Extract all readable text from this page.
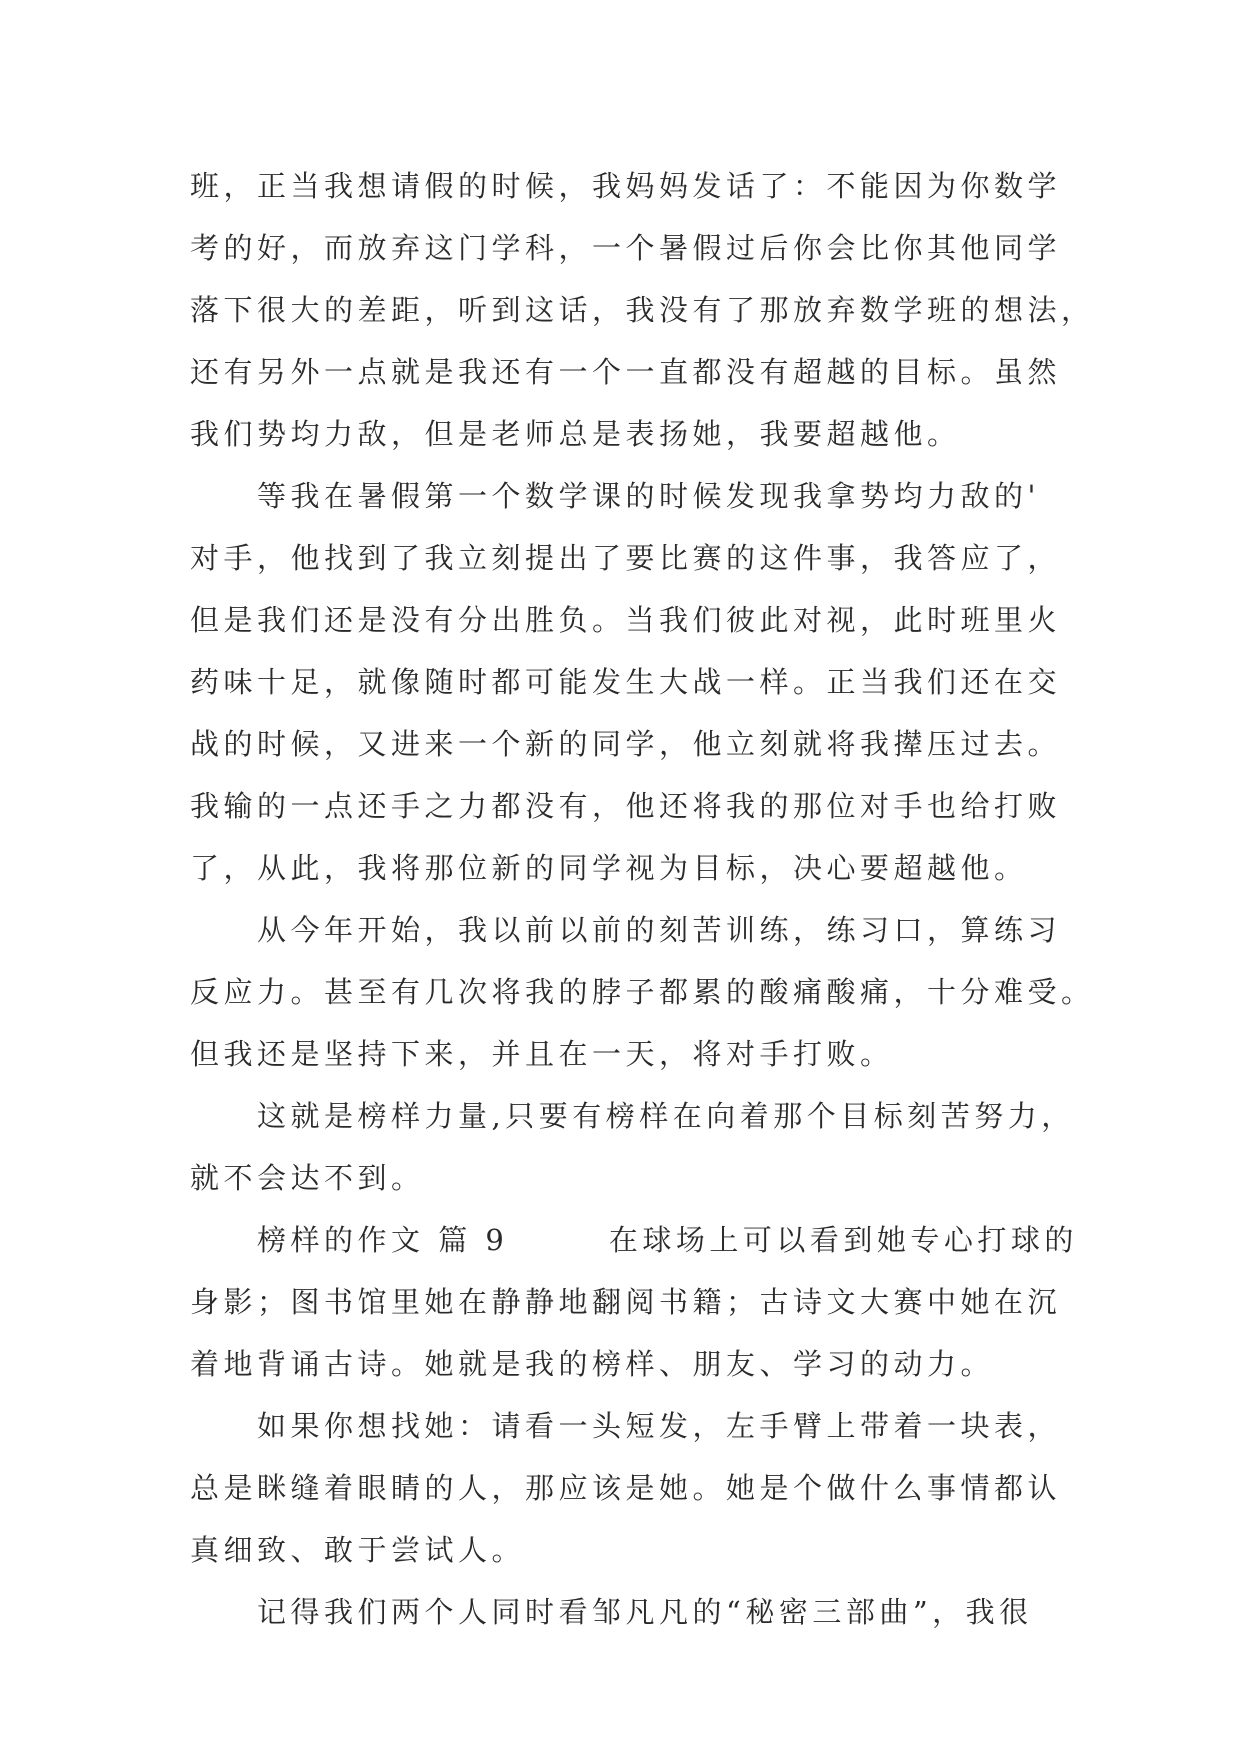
班，正当我想请假的时候，我妈妈发话了：不能因为你数学
考的好，而放弃这门学科，一个暑假过后你会比你其他同学
落下很大的差距，听到这话，我没有了那放弃数学班的想法，
还有另外一点就是我还有一个一直都没有超越的目标。虽然
我们势均力敌，但是老师总是表扬她，我要超越他。
　　等我在暑假第一个数学课的时候发现我拿势均力敌的'
对手，他找到了我立刻提出了要比赛的这件事，我答应了，
但是我们还是没有分出胜负。当我们彼此对视，此时班里火
药味十足，就像随时都可能发生大战一样。正当我们还在交
战的时候，又进来一个新的同学，他立刻就将我撵压过去。
我输的一点还手之力都没有，他还将我的那位对手也给打败
了，从此，我将那位新的同学视为目标，决心要超越他。
　　从今年开始，我以前以前的刻苦训练，练习口，算练习
反应力。甚至有几次将我的脖子都累的酸痛酸痛，十分难受。
但我还是坚持下来，并且在一天，将对手打败。
　　这就是榜样力量,只要有榜样在向着那个目标刻苦努力，
就不会达不到。
　　榜样的作文 篇 9　　　在球场上可以看到她专心打球的
身影；图书馆里她在静静地翻阅书籍；古诗文大赛中她在沉
着地背诵古诗。她就是我的榜样、朋友、学习的动力。
　　如果你想找她：请看一头短发，左手臂上带着一块表，
总是眯缝着眼睛的人，那应该是她。她是个做什么事情都认
真细致、敢于尝试人。
　　记得我们两个人同时看邹凡凡的“秘密三部曲”，我很
